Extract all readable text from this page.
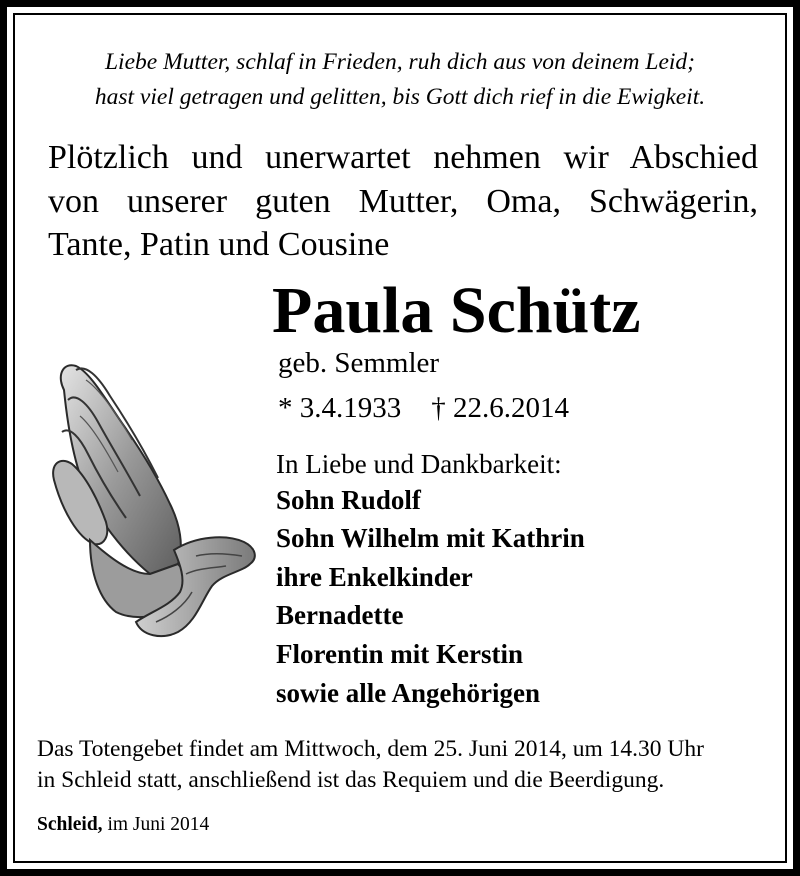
Liebe Mutter, schlaf in Frieden, ruh dich aus von deinem Leid;
hast viel getragen und gelitten, bis Gott dich rief in die Ewigkeit.
Plötzlich und unerwartet nehmen wir Abschied
von unserer guten Mutter, Oma, Schwägerin,
Tante, Patin und Cousine
Paula Schütz
geb. Semmler
* 3.4.1933 † 22.6.2014
In Liebe und Dankbarkeit:
Sohn Rudolf
Sohn Wilhelm mit Kathrin
ihre Enkelkinder
Bernadette
Florentin mit Kerstin
sowie alle Angehörigen
Das Totengebet findet am Mittwoch, dem 25. Juni 2014, um 14.30 Uhr
in Schleid statt, anschließend ist das Requiem und die Beerdigung.
Schleid, im Juni 2014
